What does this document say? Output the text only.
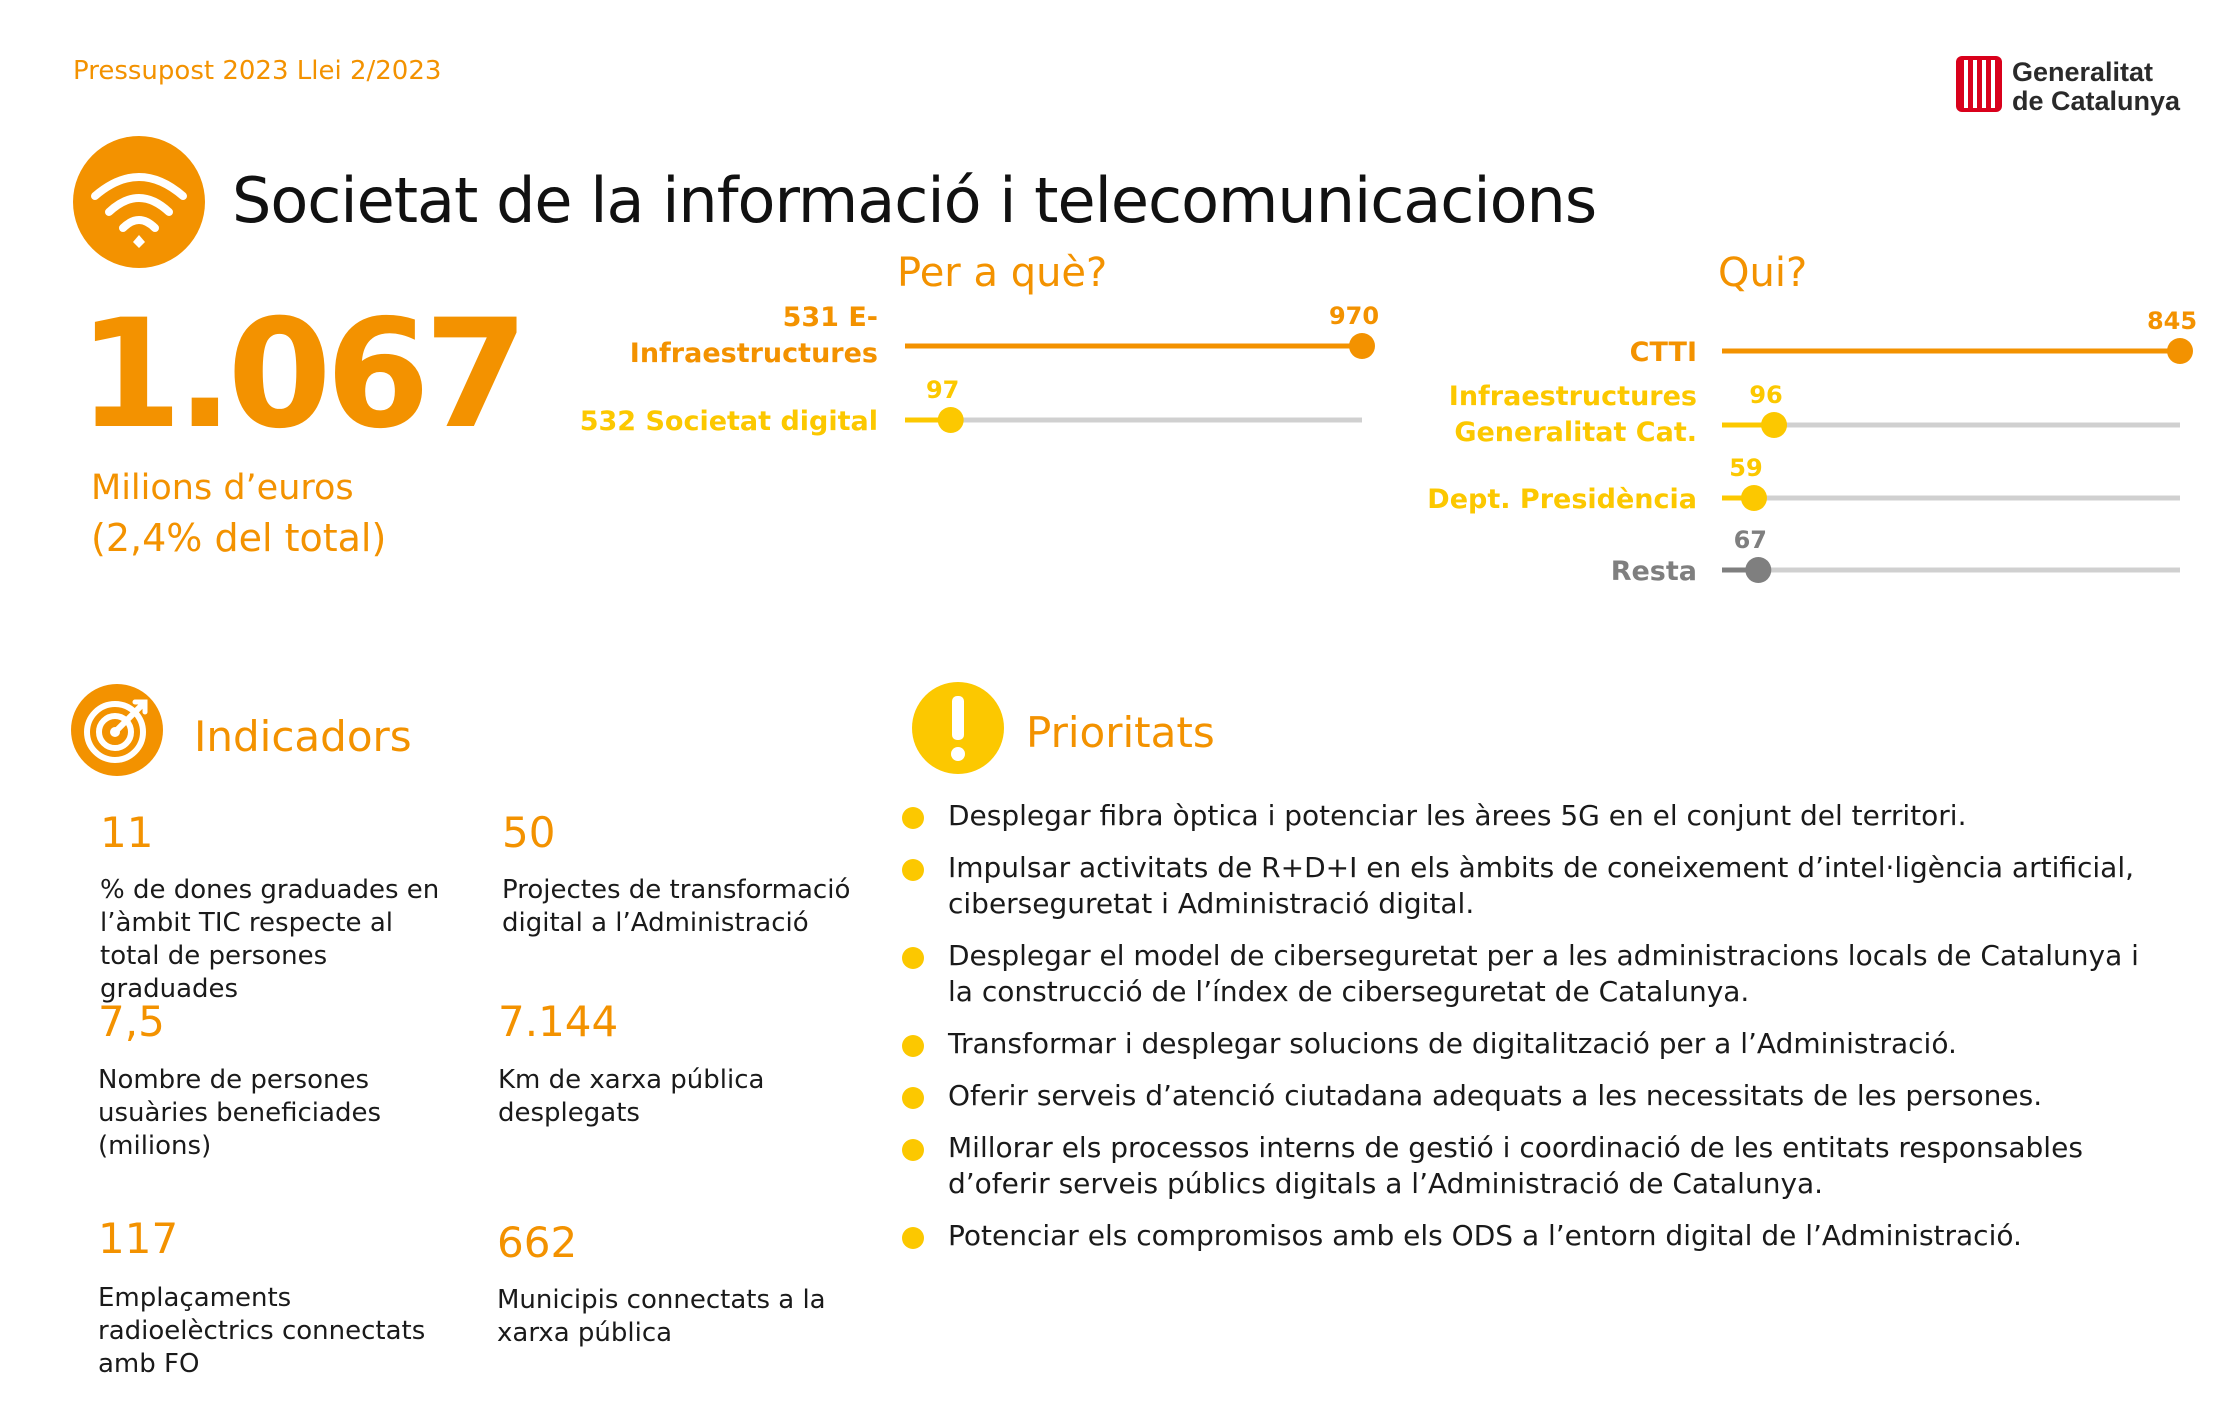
Pressupost 2023 Llei 2/2023	Generalitat
de Catalunya
Societat de la informació i telecomunicacions
1.067
Milions d’euros
(2,4% del total)
Per a què?	Qui?
970
531 E-
Infraestructures
97
532 Societat digital
845
CTTI
96
Infraestructures
Generalitat Cat.
59
Dept. Presidència
67
Resta
Indicadors
11
% de dones graduades en l’àmbit TIC respecte al total de persones graduades
50
Projectes de transformació digital a l’Administració
7,5
Nombre de persones usuàries beneficiades (milions)
7.144
Km de xarxa pública desplegats
117
Emplaçaments radioelèctrics connectats amb FO
662
Municipis connectats a la xarxa pública
Prioritats
Desplegar fibra òptica i potenciar les àrees 5G en el conjunt del territori.
Impulsar activitats de R+D+I en els àmbits de coneixement d’intel·ligència artificial, ciberseguretat i Administració digital.
Desplegar el model de ciberseguretat per a les administracions locals de Catalunya i la construcció de l’índex de ciberseguretat de Catalunya.
Transformar i desplegar solucions de digitalització per a l’Administració.
Oferir serveis d’atenció ciutadana adequats a les necessitats de les persones.
Millorar els processos interns de gestió i coordinació de les entitats responsables d’oferir serveis públics digitals a l’Administració de Catalunya.
Potenciar els compromisos amb els ODS a l’entorn digital de l’Administració.
